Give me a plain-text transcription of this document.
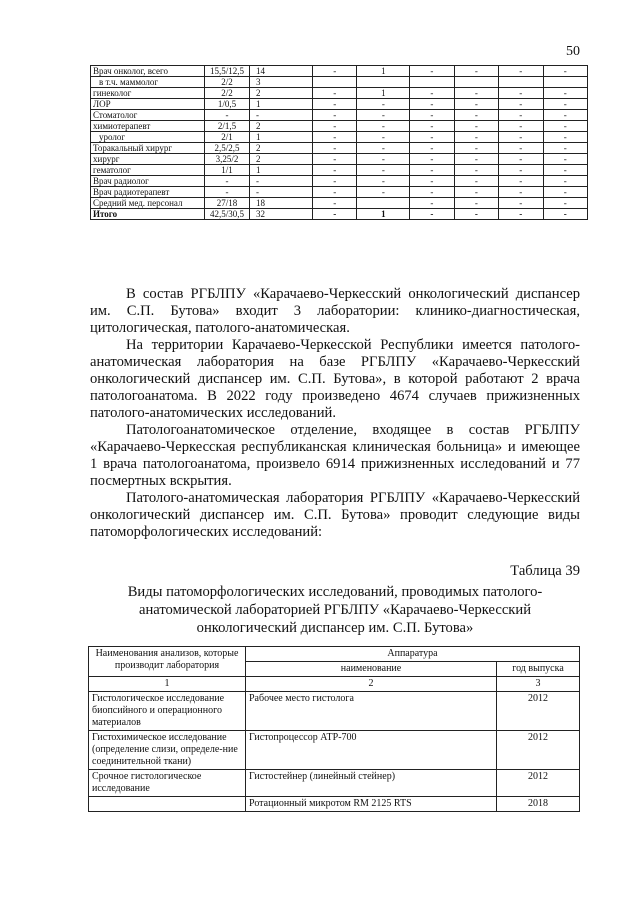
50
Врач онколог, всего	15,5/12,5	14	-	1	-	-	-	-
в т.ч. маммолог	2/2	3						
гинеколог	2/2	2	-	1	-	-	-	-
ЛОР	1/0,5	1	-	-	-	-	-	-
Стоматолог	-	-	-	-	-	-	-	-
химиотерапевт	2/1,5	2	-	-	-	-	-	-
уролог	2/1	1	-	-	-	-	-	-
Торакальный хирург	2,5/2,5	2	-	-	-	-	-	-
хирург	3,25/2	2	-	-	-	-	-	-
гематолог	1/1	1	-	-	-	-	-	-
Врач радиолог	-	-	-	-	-	-	-	-
Врач радиотерапевт	-	-	-	-	-	-	-	-
Средний мед. персонал	27/18	18	-		-	-	-	-
Итого	42,5/30,5	32	-	1	-	-	-	-

В состав РГБЛПУ «Карачаево-Черкесский онкологический диспансер им. С.П. Бутова» входит 3 лаборатории: клинико-диагностическая, цитологическая, патолого-анатомическая.

На территории Карачаево-Черкесской Республики имеется патолого-анатомическая лаборатория на базе РГБЛПУ «Карачаево-Черкесский онкологический диспансер им. С.П. Бутова», в которой работают 2 врача патологоанатома. В 2022 году произведено 4674 случаев прижизненных патолого-анатомических исследований.

Патологоанатомическое отделение, входящее в состав РГБЛПУ «Карачаево-Черкесская республиканская клиническая больница» и имеющее 1 врача патологоанатома, произвело 6914 прижизненных исследований и 77 посмертных вскрытия.

Патолого-анатомическая лаборатория РГБЛПУ «Карачаево-Черкесский онкологический диспансер им. С.П. Бутова» проводит следующие виды патоморфологических исследований:

Таблица 39
Виды патоморфологических исследований, проводимых патолого-анатомической лабораторией РГБЛПУ «Карачаево-Черкесский онкологический диспансер им. С.П. Бутова»
Наименования анализов, которые производит лаборатория	Аппаратура	
	наименование	год выпуска
1	2	3
Гистологическое исследование биопсийного и операционного материалов	Рабочее место гистолога	2012
Гистохимическое исследование (определение слизи, определе-ние соединительной ткани)	Гистопроцессор АТР-700	2012
Срочное гистологическое исследование	Гистостейнер (линейный стейнер)	2012
	Ротационный микротом RM 2125 RTS	2018
